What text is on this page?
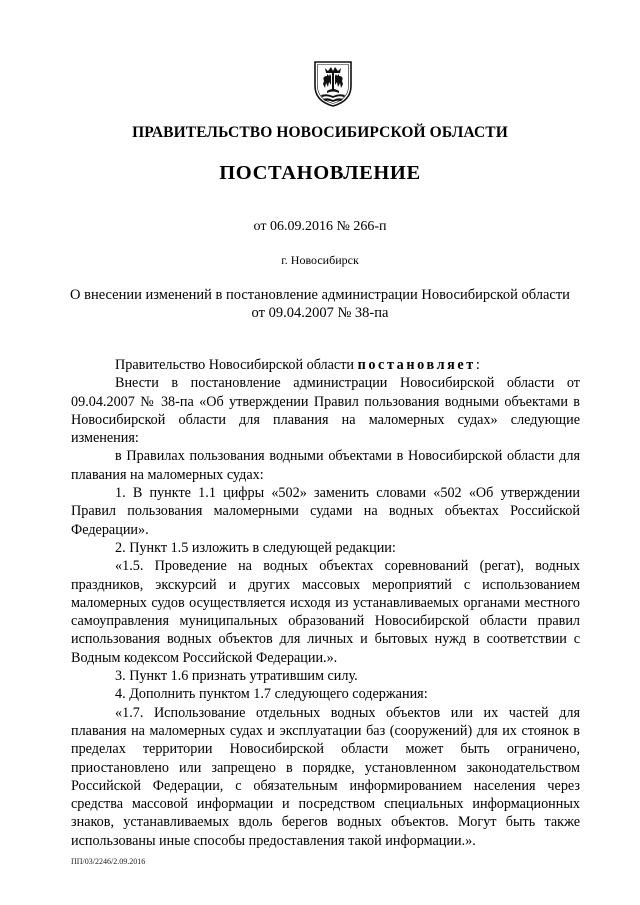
ПРАВИТЕЛЬСТВО НОВОСИБИРСКОЙ ОБЛАСТИ
ПОСТАНОВЛЕНИЕ
от 06.09.2016 № 266-п
г. Новосибирск
О внесении изменений в постановление администрации Новосибирской области
от 09.04.2007 № 38-па

Правительство Новосибирской области постановляет:

Внести в постановление администрации Новосибирской области от 09.04.2007 № 38-па «Об утверждении Правил пользования водными объектами в Новосибирской области для плавания на маломерных судах» следующие изменения:

в Правилах пользования водными объектами в Новосибирской области для плавания на маломерных судах:

1. В пункте 1.1 цифры «502» заменить словами «502 «Об утверждении Правил пользования маломерными судами на водных объектах Российской Федерации».

2. Пункт 1.5 изложить в следующей редакции:

«1.5. Проведение на водных объектах соревнований (регат), водных праздников, экскурсий и других массовых мероприятий с использованием маломерных судов осуществляется исходя из устанавливаемых органами местного самоуправления муниципальных образований Новосибирской области правил использования водных объектов для личных и бытовых нужд в соответствии с Водным кодексом Российской Федерации.».

3. Пункт 1.6 признать утратившим силу.

4. Дополнить пунктом 1.7 следующего содержания:

«1.7. Использование отдельных водных объектов или их частей для плавания на маломерных судах и эксплуатации баз (сооружений) для их стоянок в пределах территории Новосибирской области может быть ограничено, приостановлено или запрещено в порядке, установленном законодательством Российской Федерации, с обязательным информированием населения через средства массовой информации и посредством специальных информационных знаков, устанавливаемых вдоль берегов водных объектов. Могут быть также использованы иные способы предоставления такой информации.».

ПП/03/2246/2.09.2016
